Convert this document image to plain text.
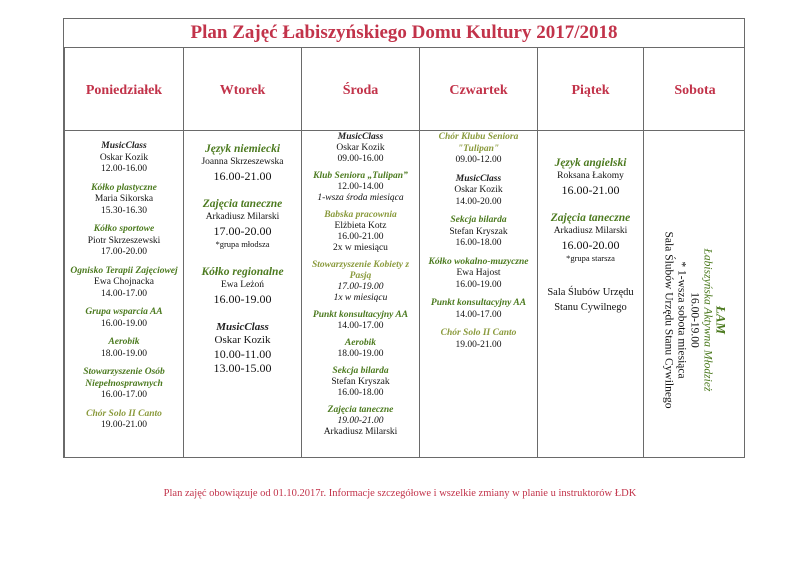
Plan Zajęć Łabiszyńskiego Domu Kultury 2017/2018
Poniedziałek
MusicClass
Oskar Kozik
12.00-16.00
Kółko plastyczne
Maria Sikorska
15.30-16.30
Kółko sportowe
Piotr Skrzeszewski
17.00-20.00
Ognisko Terapii Zajęciowej
Ewa Chojnacka
14.00-17.00
Grupa wsparcia AA
16.00-19.00
Aerobik
18.00-19.00
Stowarzyszenie Osób Niepełnosprawnych
16.00-17.00
Chór Solo II Canto
19.00-21.00
Wtorek
Język niemiecki
Joanna Skrzeszewska
16.00-21.00
Zajęcia taneczne
Arkadiusz Milarski
17.00-20.00
*grupa młodsza
Kółko regionalne
Ewa Leżoń
16.00-19.00
MusicClass
Oskar Kozik
10.00-11.00
13.00-15.00
Środa
MusicClass
Oskar Kozik
09.00-16.00
Klub Seniora „Tulipan”
12.00-14.00
1-wsza środa miesiąca
Babska pracownia
Elżbieta Kotz
16.00-21.00
2x w miesiącu
Stowarzyszenie Kobiety z Pasją
17.00-19.00
1x w miesiącu
Punkt konsultacyjny AA
14.00-17.00
Aerobik
18.00-19.00
Sekcja bilarda
Stefan Kryszak
16.00-18.00
Zajęcia taneczne
19.00-21.00
Arkadiusz Milarski
Czwartek
Chór Klubu Seniora "Tulipan"
09.00-12.00
MusicClass
Oskar Kozik
14.00-20.00
Sekcja bilarda
Stefan Kryszak
16.00-18.00
Kółko wokalno-muzyczne
Ewa Hajost
16.00-19.00
Punkt konsultacyjny AA
14.00-17.00
Chór Solo II Canto
19.00-21.00
Piątek
Język angielski
Roksana Łakomy
16.00-21.00
Zajęcia taneczne
Arkadiusz Milarski
16.00-20.00
*grupa starsza
Sala Ślubów Urzędu
Stanu Cywilnego
Sobota
ŁAM
Łabiszyńska Aktywna Młodzież
16.00-19.00
* 1-wsza sobota miesiąca
Sala Ślubów Urzędu Stanu Cywilnego
Plan zajęć obowiązuje od 01.10.2017r. Informacje szczegółowe i wszelkie zmiany w planie u instruktorów ŁDK
